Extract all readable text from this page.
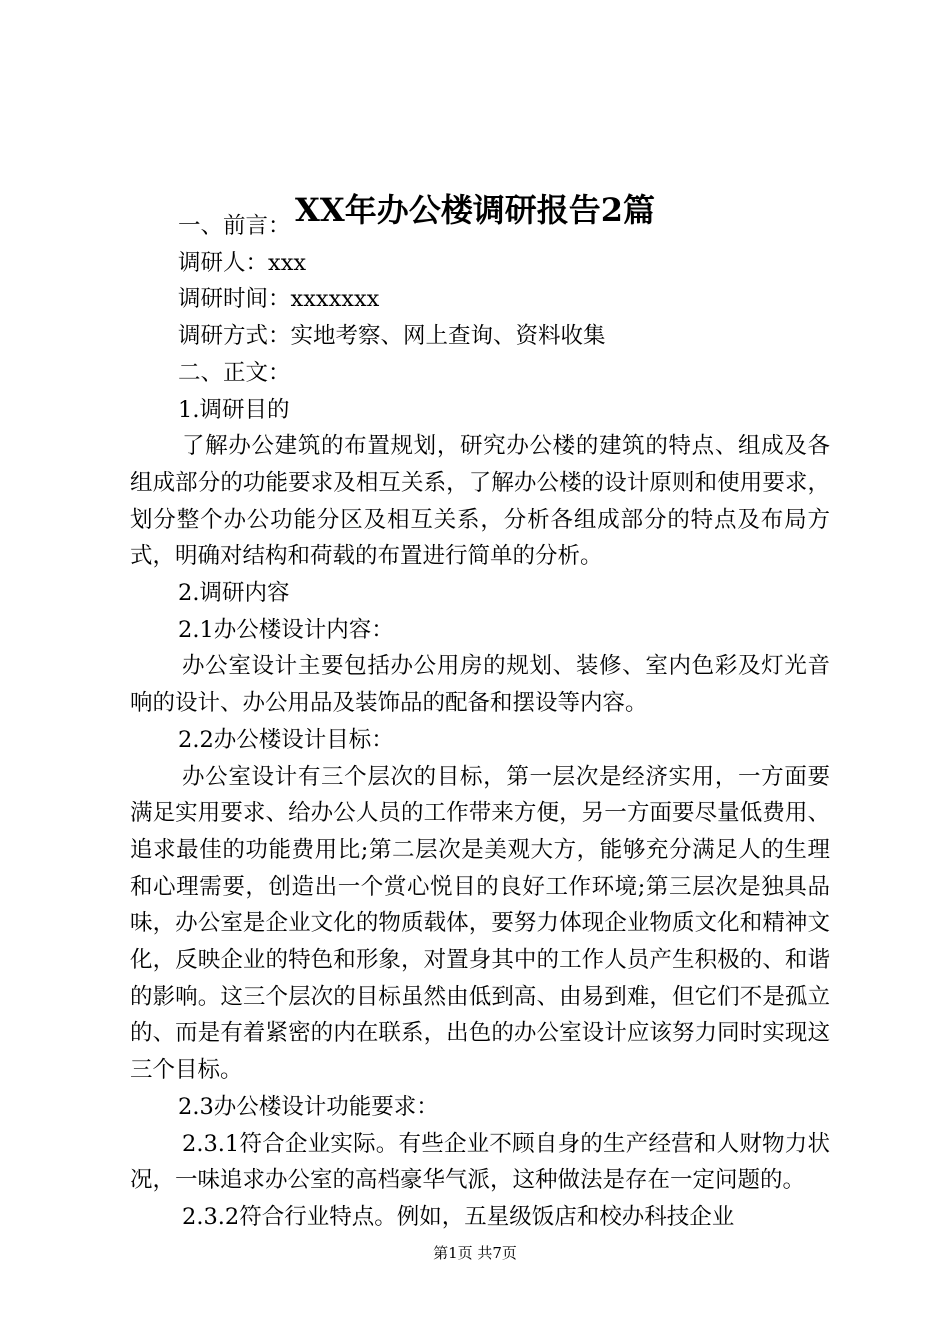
XX年办公楼调研报告2篇

一、前言：

调研人：xxx

调研时间：xxxxxxx

调研方式：实地考察、网上查询、资料收集

二、正文：

1.调研目的

了解办公建筑的布置规划，研究办公楼的建筑的特点、组成及各组成部分的功能要求及相互关系，了解办公楼的设计原则和使用要求，划分整个办公功能分区及相互关系，分析各组成部分的特点及布局方式，明确对结构和荷载的布置进行简单的分析。

2.调研内容

2.1办公楼设计内容：

办公室设计主要包括办公用房的规划、装修、室内色彩及灯光音响的设计、办公用品及装饰品的配备和摆设等内容。

2.2办公楼设计目标：

办公室设计有三个层次的目标，第一层次是经济实用，一方面要满足实用要求、给办公人员的工作带来方便，另一方面要尽量低费用、追求最佳的功能费用比;第二层次是美观大方，能够充分满足人的生理和心理需要，创造出一个赏心悦目的良好工作环境;第三层次是独具品味，办公室是企业文化的物质载体，要努力体现企业物质文化和精神文化，反映企业的特色和形象，对置身其中的工作人员产生积极的、和谐的影响。这三个层次的目标虽然由低到高、由易到难，但它们不是孤立的、而是有着紧密的内在联系，出色的办公室设计应该努力同时实现这三个目标。

2.3办公楼设计功能要求：

2.3.1符合企业实际。有些企业不顾自身的生产经营和人财物力状况，一味追求办公室的高档豪华气派，这种做法是存在一定问题的。

2.3.2符合行业特点。例如，五星级饭店和校办科技企业

第1页 共7页
